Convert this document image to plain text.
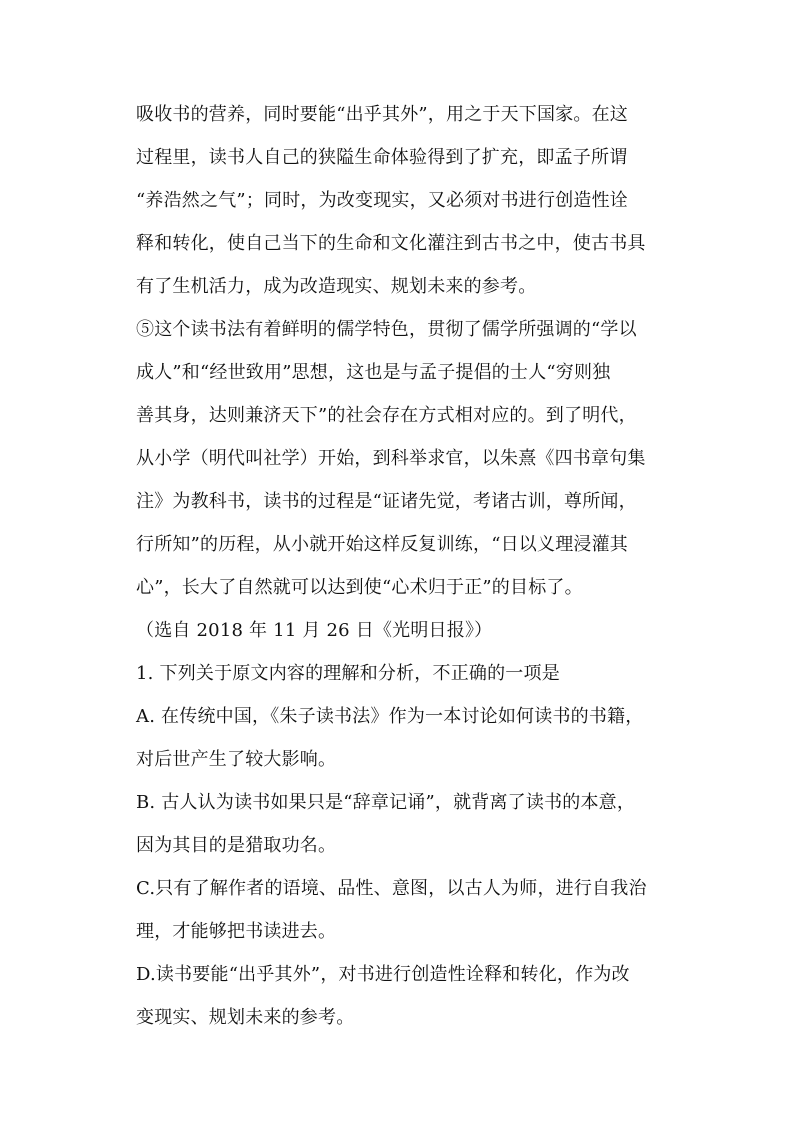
吸收书的营养，同时要能“出乎其外”，用之于天下国家。在这
过程里，读书人自己的狭隘生命体验得到了扩充，即孟子所谓
“养浩然之气”；同时，为改变现实，又必须对书进行创造性诠
释和转化，使自己当下的生命和文化灌注到古书之中，使古书具
有了生机活力，成为改造现实、规划未来的参考。
⑤这个读书法有着鲜明的儒学特色，贯彻了儒学所强调的“学以
成人”和“经世致用”思想，这也是与孟子提倡的士人“穷则独
善其身，达则兼济天下”的社会存在方式相对应的。到了明代，
从小学（明代叫社学）开始，到科举求官，以朱熹《四书章句集
注》为教科书，读书的过程是“证诸先觉，考诸古训，尊所闻，
行所知”的历程，从小就开始这样反复训练，“日以义理浸灌其
心”，长大了自然就可以达到使“心术归于正”的目标了。
（选自 2018 年 11 月 26 日《光明日报》）
1. 下列关于原文内容的理解和分析，不正确的一项是
A. 在传统中国，《朱子读书法》作为一本讨论如何读书的书籍，
对后世产生了较大影响。
B. 古人认为读书如果只是“辞章记诵”，就背离了读书的本意，
因为其目的是猎取功名。
C.只有了解作者的语境、品性、意图，以古人为师，进行自我治
理，才能够把书读进去。
D.读书要能“出乎其外”，对书进行创造性诠释和转化，作为改
变现实、规划未来的参考。
